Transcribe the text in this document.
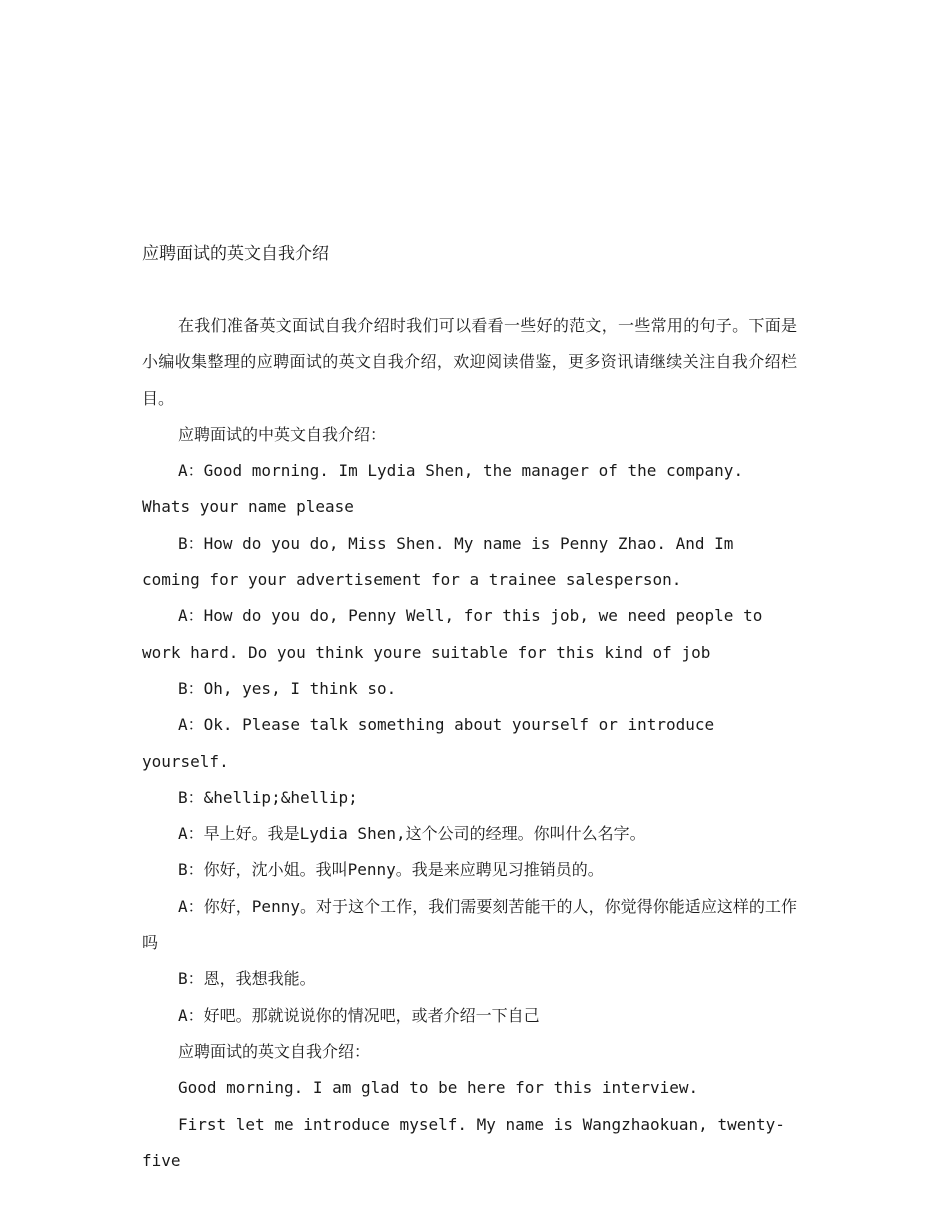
应聘面试的英文自我介绍

在我们准备英文面试自我介绍时我们可以看看一些好的范文，一些常用的句子。下面是小编收集整理的应聘面试的英文自我介绍，欢迎阅读借鉴，更多资讯请继续关注自我介绍栏目。

应聘面试的中英文自我介绍：

A：Good morning. Im Lydia Shen, the manager of the company. Whats your name please

B：How do you do, Miss Shen. My name is Penny Zhao. And Im coming for your advertisement for a trainee salesperson.

A：How do you do, Penny Well, for this job, we need people to work hard. Do you think youre suitable for this kind of job

B：Oh, yes, I think so.

A：Ok. Please talk something about yourself or introduce yourself.

B：&hellip;&hellip;

A：早上好。我是Lydia Shen,这个公司的经理。你叫什么名字。

B：你好，沈小姐。我叫Penny。我是来应聘见习推销员的。

A：你好，Penny。对于这个工作，我们需要刻苦能干的人，你觉得你能适应这样的工作吗

B：恩，我想我能。

A：好吧。那就说说你的情况吧，或者介绍一下自己

应聘面试的英文自我介绍：

Good morning. I am glad to be here for this interview.

First let me introduce myself. My name is Wangzhaokuan, twenty-five
